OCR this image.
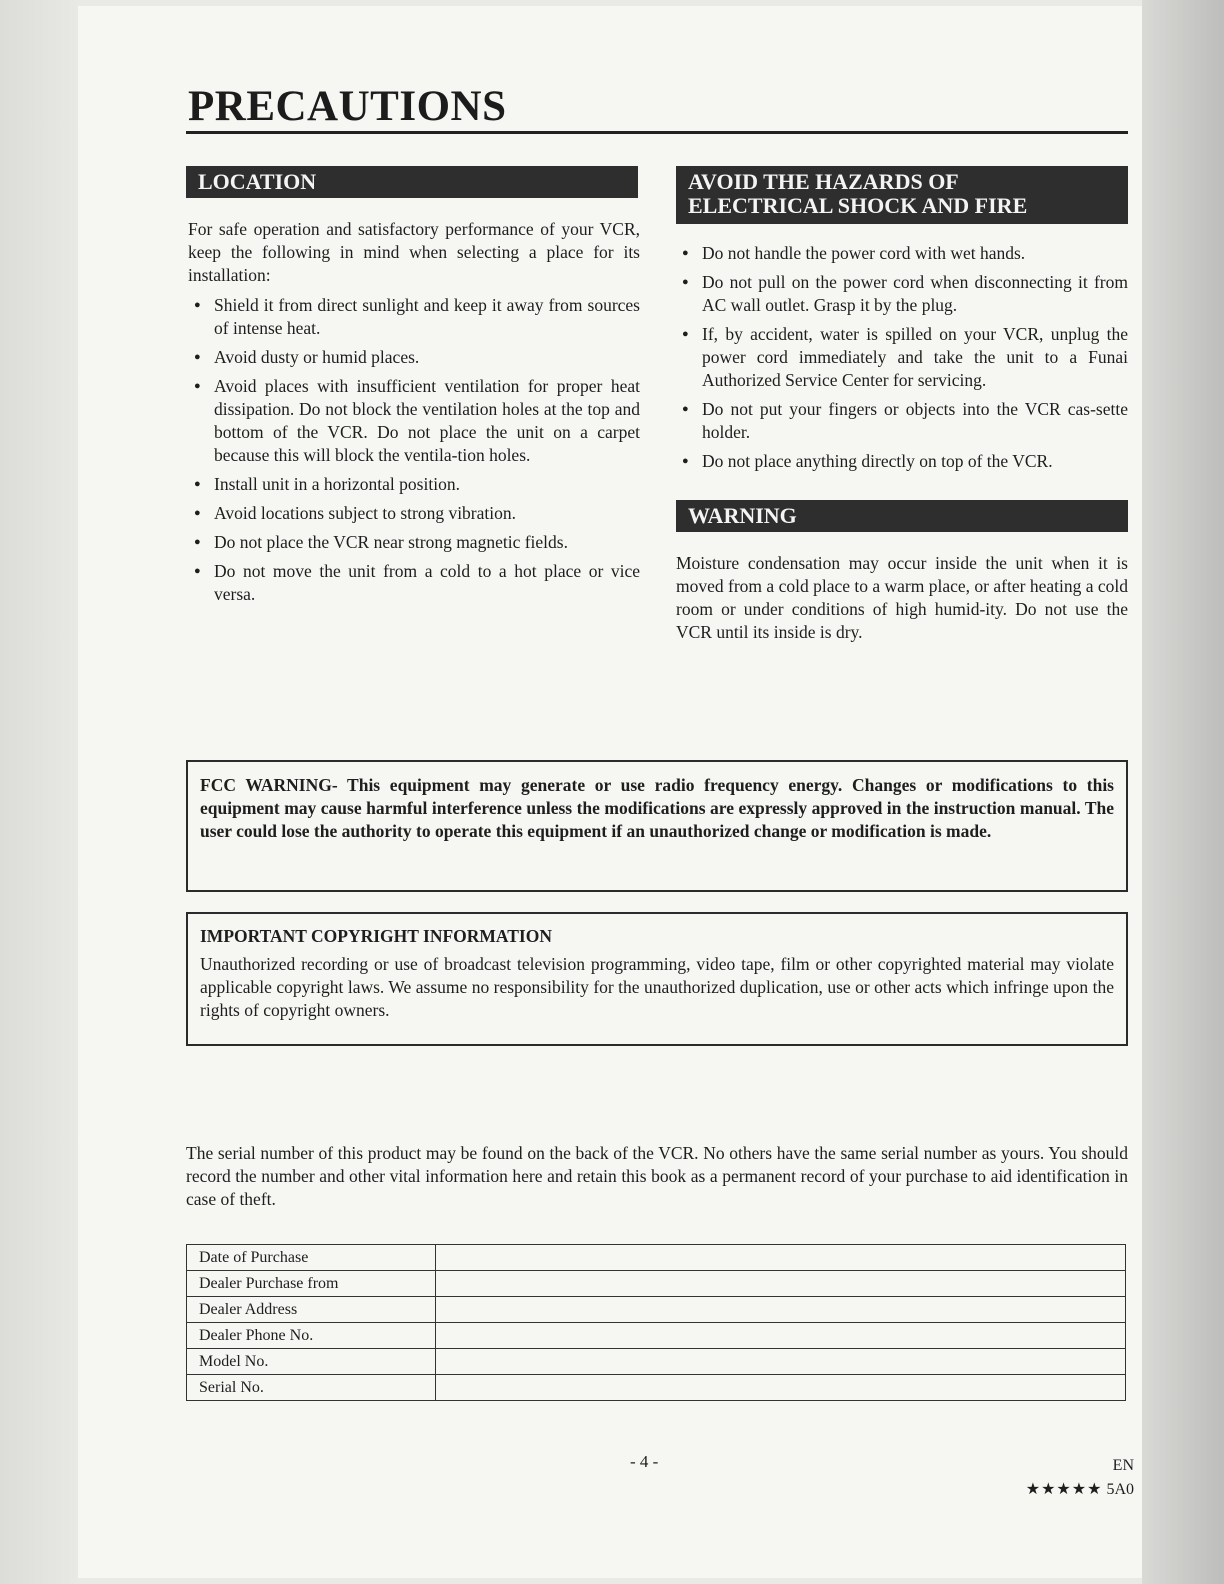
PRECAUTIONS
LOCATION

For safe operation and satisfactory performance of your VCR, keep the following in mind when selecting a place for its installation:

● Shield it from direct sunlight and keep it away from sources of intense heat.
● Avoid dusty or humid places.
● Avoid places with insufficient ventilation for proper heat dissipation. Do not block the ventilation holes at the top and bottom of the VCR. Do not place the unit on a carpet because this will block the ventila-tion holes.
● Install unit in a horizontal position.
● Avoid locations subject to strong vibration.
● Do not place the VCR near strong magnetic fields.
● Do not move the unit from a cold to a hot place or vice versa.
AVOID THE HAZARDS OF
ELECTRICAL SHOCK AND FIRE
● Do not handle the power cord with wet hands.
● Do not pull on the power cord when disconnecting it from AC wall outlet. Grasp it by the plug.
● If, by accident, water is spilled on your VCR, unplug the power cord immediately and take the unit to a Funai Authorized Service Center for servicing.
● Do not put your fingers or objects into the VCR cas-sette holder.
● Do not place anything directly on top of the VCR.
WARNING

Moisture condensation may occur inside the unit when it is moved from a cold place to a warm place, or after heating a cold room or under conditions of high humid-ity. Do not use the VCR until its inside is dry.

FCC WARNING- This equipment may generate or use radio frequency energy. Changes or modifications to this equipment may cause harmful interference unless the modifications are expressly approved in the instruction manual. The user could lose the authority to operate this equipment if an unauthorized change or modification is made.

IMPORTANT COPYRIGHT INFORMATION

Unauthorized recording or use of broadcast television programming, video tape, film or other copyrighted material may violate applicable copyright laws. We assume no responsibility for the unauthorized duplication, use or other acts which infringe upon the rights of copyright owners.

The serial number of this product may be found on the back of the VCR. No others have the same serial number as yours. You should record the number and other vital information here and retain this book as a permanent record of your purchase to aid identification in case of theft.

Date of Purchase	
Dealer Purchase from	
Dealer Address	
Dealer Phone No.	
Model No.	
Serial No.	
- 4 -	EN
★★★★★ 5A0
